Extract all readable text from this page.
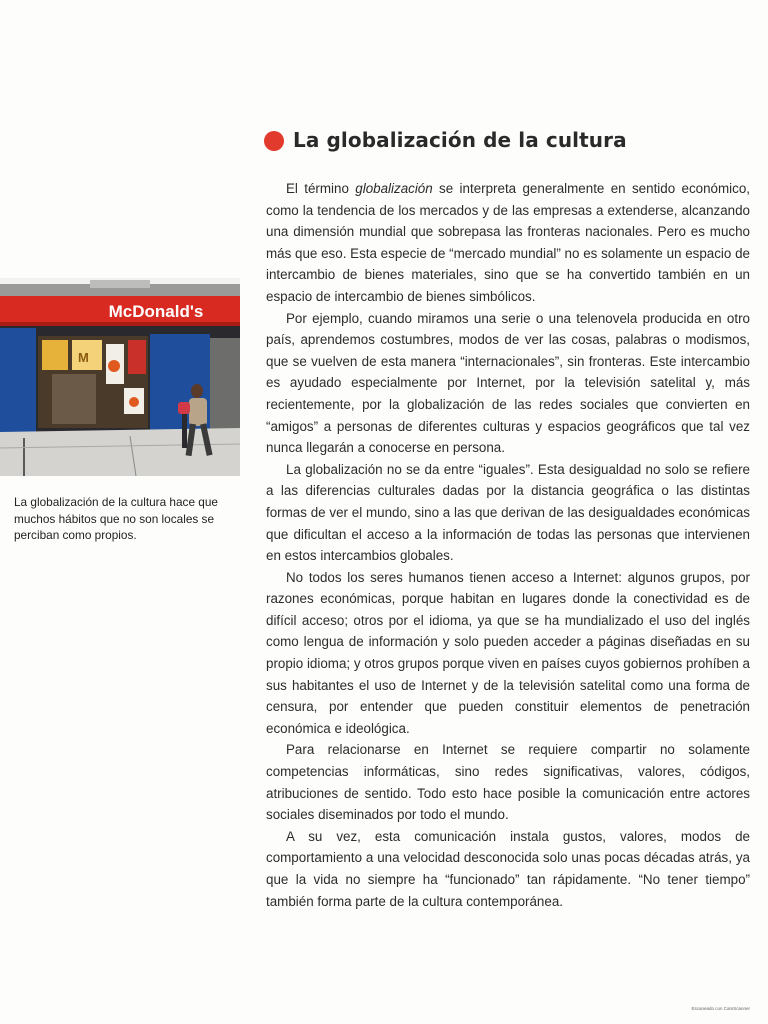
McDonald's
M
La globalización de la cultura hace que muchos hábitos que no son locales se perciban como propios.
La globalización de la cultura

El término globalización se interpreta generalmente en sentido económico, como la tendencia de los mercados y de las empresas a extenderse, alcanzando una dimensión mundial que sobrepasa las fronteras nacionales. Pero es mucho más que eso. Esta especie de “mercado mundial” no es solamente un espacio de intercambio de bienes materiales, sino que se ha convertido también en un espacio de intercambio de bienes simbólicos.

Por ejemplo, cuando miramos una serie o una telenovela producida en otro país, aprendemos costumbres, modos de ver las cosas, palabras o modismos, que se vuelven de esta manera “internacionales”, sin fronteras. Este intercambio es ayudado especialmente por Internet, por la televisión satelital y, más recientemente, por la globalización de las redes sociales que convierten en “amigos” a personas de diferentes culturas y espacios geográficos que tal vez nunca llegarán a conocerse en persona.

La globalización no se da entre “iguales”. Esta desigualdad no solo se refiere a las diferencias culturales dadas por la distancia geográfica o las distintas formas de ver el mundo, sino a las que derivan de las desigualdades económicas que dificultan el acceso a la información de todas las personas que intervienen en estos intercambios globales.

No todos los seres humanos tienen acceso a Internet: algunos grupos, por razones económicas, porque habitan en lugares donde la conectividad es de difícil acceso; otros por el idioma, ya que se ha mundializado el uso del inglés como lengua de información y solo pueden acceder a páginas diseñadas en su propio idioma; y otros grupos porque viven en países cuyos gobiernos prohíben a sus habitantes el uso de Internet y de la televisión satelital como una forma de censura, por entender que pueden constituir elementos de penetración económica e ideológica.

Para relacionarse en Internet se requiere compartir no solamente competencias informáticas, sino redes significativas, valores, códigos, atribuciones de sentido. Todo esto hace posible la comunicación entre actores sociales diseminados por todo el mundo.

A su vez, esta comunicación instala gustos, valores, modos de comportamiento a una velocidad desconocida solo unas pocas décadas atrás, ya que la vida no siempre ha “funcionado” tan rápidamente. “No tener tiempo” también forma parte de la cultura contemporánea.

Escaneado con CamScanner
